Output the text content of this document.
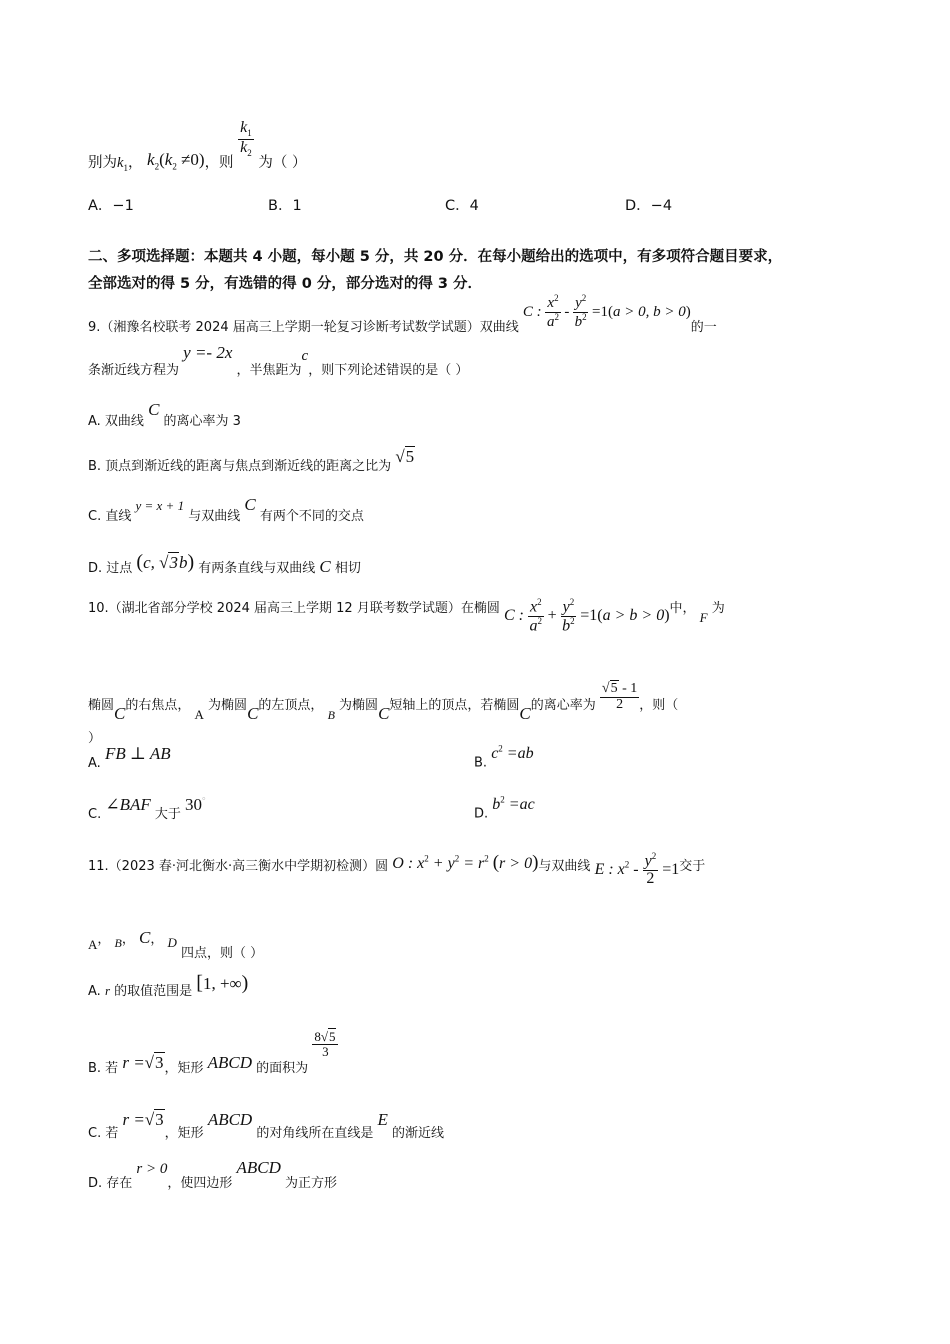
别为$k_1$， $k_2(k_2 \ne 0)$，则
$\frac{k_1}{k_2}$
为（ ）
A．−1	B．1	C．4	D．−4
二、多项选择题：本题共 4 小题，每小题 5 分，共 20 分．在每小题给出的选项中，有多项符合题目要求，
全部选对的得 5 分，有选错的得 0 分，部分选对的得 3 分．
9.（湘豫名校联考 2024 届高三上学期一轮复习诊断考试数学试题）双曲线 C : $\frac{x^2}{a^2} - \frac{y^2}{b^2} =1(a > 0$, b > 0)的一
条渐近线方程为 y =- 2x ，半焦距为c，则下列论述错误的是（ ）
A. 双曲线 C 的离心率为 3
B. 顶点到渐近线的距离与焦点到渐近线的距离之比为 √5
C. 直线 y = x + 1 与双曲线 C 有两个不同的交点
D. 过点 (c, √3b) 有两条直线与双曲线 C 相切
10.（湖北省部分学校 2024 届高三上学期 12 月联考数学试题）在椭圆 C : $\frac{x^2}{a^2} + \frac{y^2}{b^2} =1(a > b > 0)$中， F 为
椭圆C的右焦点， A 为椭圆C的左顶点， B 为椭圆C短轴上的顶点，若椭圆C的离心率为 $\frac{√5 - 1}{2}$ ，则（
）
A. FB ⊥ AB	B. $c^2 =ab$
C. ∠BAF 大于 30°
D. $b^2 =ac$
11.（2023 春·河北衡水·高三衡水中学期初检测）圆 O : $x^2 + y^2 = r^2$ (r > 0)与双曲线 E : $x^2 - \frac{y^2}{2} =1$交于
A， B， C， D 四点，则（ ）
A. r 的取值范围是 [1, +∞)
B. 若 r =√3，矩形 ABCD 的面积为
$\frac{8√5}{3}$
C. 若 r =√3，矩形 ABCD 的对角线所在直线是 E 的渐近线
D. 存在 r > 0，使四边形 ABCD 为正方形
